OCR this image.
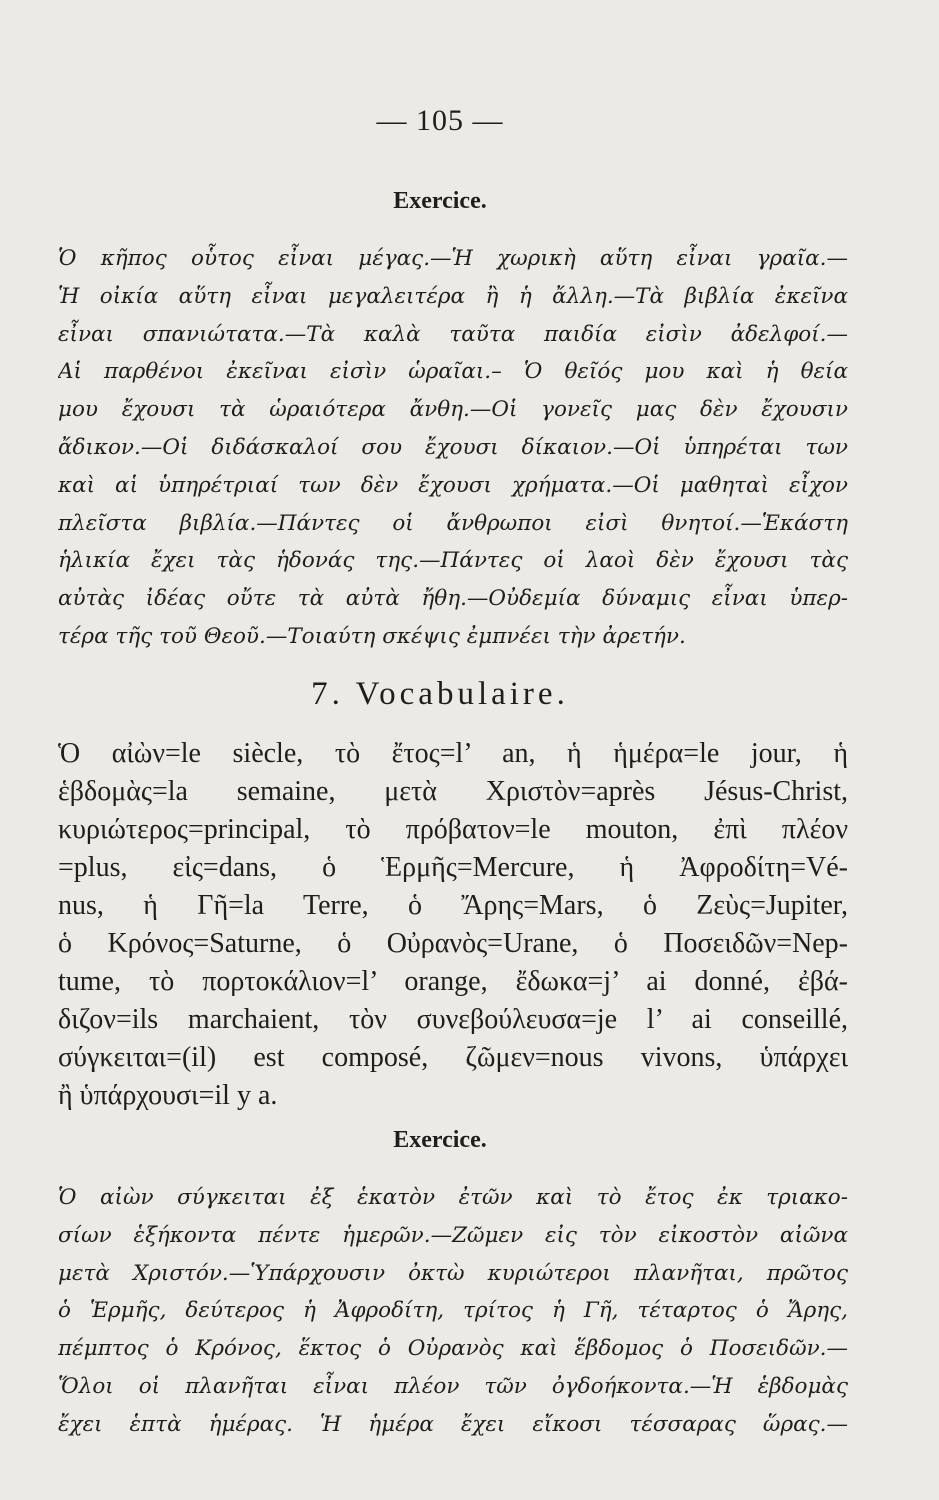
— 105 —
Exercice.
Ὁ κῆπος οὗτος εἶναι μέγας.—Ἡ χωρικὴ αὕτη εἶναι γραῖα.—
Ἡ οἰκία αὕτη εἶναι μεγαλειτέρα ἢ ἡ ἄλλη.—Τὰ βιβλία ἐκεῖνα
εἶναι σπανιώτατα.—Τὰ καλὰ ταῦτα παιδία εἰσὶν ἀδελφοί.—
Αἱ παρθένοι ἐκεῖναι εἰσὶν ὡραῖαι.– Ὁ θεῖός μου καὶ ἡ θεία
μου ἔχουσι τὰ ὡραιότερα ἄνθη.—Οἱ γονεῖς μας δὲν ἔχουσιν
ἄδικον.—Οἱ διδάσκαλοί σου ἔχουσι δίκαιον.—Οἱ ὑπηρέται των
καὶ αἱ ὑπηρέτριαί των δὲν ἔχουσι χρήματα.—Οἱ μαθηταὶ εἶχον
πλεῖστα βιβλία.—Πάντες οἱ ἄνθρωποι εἰσὶ θνητοί.—Ἑκάστη
ἡλικία ἔχει τὰς ἡδονάς της.—Πάντες οἱ λαοὶ δὲν ἔχουσι τὰς
αὐτὰς ἰδέας οὔτε τὰ αὐτὰ ἤθη.—Οὐδεμία δύναμις εἶναι ὑπερ-
τέρα τῆς τοῦ Θεοῦ.—Τοιαύτη σκέψις ἐμπνέει τὴν ἀρετήν.
7. Vocabulaire.
Ὁ αἰὼν=le siècle, τὸ ἔτος=l’ an, ἡ ἡμέρα=le jour, ἡ
ἑβδομὰς=la semaine, μετὰ Χριστὸν=après Jésus-Christ,
κυριώτερος=principal, τὸ πρόβατον=le mouton, ἐπὶ πλέον
=plus, εἰς=dans, ὁ Ἑρμῆς=Mercure, ἡ Ἀφροδίτη=Vé-
nus, ἡ Γῆ=la Terre, ὁ Ἄρης=Mars, ὁ Ζεὺς=Jupiter,
ὁ Κρόνος=Saturne, ὁ Οὐρανὸς=Urane, ὁ Ποσειδῶν=Nep-
tume, τὸ πορτοκάλιον=l’ orange, ἔδωκα=j’ ai donné, ἐβά-
διζον=ils marchaient, τὸν συνεβούλευσα=je l’ ai conseillé,
σύγκειται=(il) est composé, ζῶμεν=nous vivons, ὑπάρχει
ἢ ὑπάρχουσι=il y a.
Exercice.
Ὁ αἰὼν σύγκειται ἐξ ἑκατὸν ἐτῶν καὶ τὸ ἔτος ἐκ τριακο-
σίων ἑξήκοντα πέντε ἡμερῶν.—Ζῶμεν εἰς τὸν εἰκοστὸν αἰῶνα
μετὰ Χριστόν.—Ὑπάρχουσιν ὀκτὼ κυριώτεροι πλανῆται, πρῶτος
ὁ Ἑρμῆς, δεύτερος ἡ Ἀφροδίτη, τρίτος ἡ Γῆ, τέταρτος ὁ Ἄρης,
πέμπτος ὁ Κρόνος, ἕκτος ὁ Οὐρανὸς καὶ ἕβδομος ὁ Ποσειδῶν.—
Ὅλοι οἱ πλανῆται εἶναι πλέον τῶν ὀγδοήκοντα.—Ἡ ἑβδομὰς
ἔχει ἑπτὰ ἡμέρας. Ἡ ἡμέρα ἔχει εἴκοσι τέσσαρας ὥρας.—
